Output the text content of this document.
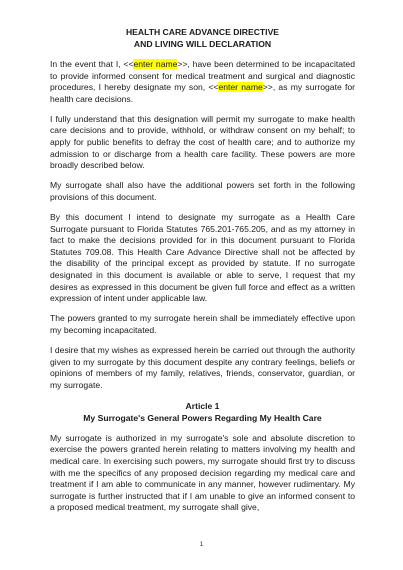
HEALTH CARE ADVANCE DIRECTIVE
AND LIVING WILL DECLARATION

In the event that I, <<enter name>>, have been determined to be incapacitated to provide informed consent for medical treatment and surgical and diagnostic procedures, I hereby designate my son, <<enter name>>, as my surrogate for health care decisions.

I fully understand that this designation will permit my surrogate to make health care decisions and to provide, withhold, or withdraw consent on my behalf; to apply for public benefits to defray the cost of health care; and to authorize my admission to or discharge from a health care facility. These powers are more broadly described below.

My surrogate shall also have the additional powers set forth in the following provisions of this document.

By this document I intend to designate my surrogate as a Health Care Surrogate pursuant to Florida Statutes 765.201-765.205, and as my attorney in fact to make the decisions provided for in this document pursuant to Florida Statutes 709.08. This Health Care Advance Directive shall not be affected by the disability of the principal except as provided by statute. If no surrogate designated in this document is available or able to serve, I request that my desires as expressed in this document be given full force and effect as a written expression of intent under applicable law.

The powers granted to my surrogate herein shall be immediately effective upon my becoming incapacitated.

I desire that my wishes as expressed herein be carried out through the authority given to my surrogate by this document despite any contrary feelings, beliefs or opinions of members of my family, relatives, friends, conservator, guardian, or my surrogate.

Article 1
My Surrogate's General Powers Regarding My Health Care

My surrogate is authorized in my surrogate's sole and absolute discretion to exercise the powers granted herein relating to matters involving my health and medical care. In exercising such powers, my surrogate should first try to discuss with me the specifics of any proposed decision regarding my medical care and treatment if I am able to communicate in any manner, however rudimentary. My surrogate is further instructed that if I am unable to give an informed consent to a proposed medical treatment, my surrogate shall give,

1
